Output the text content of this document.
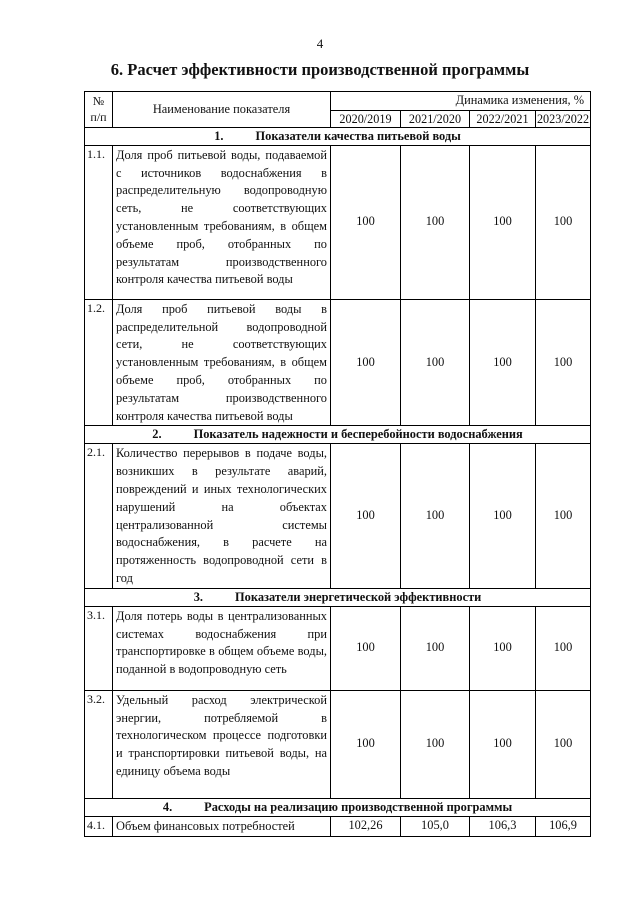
4
6. Расчет эффективности производственной программы
№
п/п	Наименование показателя	Динамика изменения, %			
		2020/2019	2021/2020	2022/2021	2023/2022
1. Показатели качества питьевой воды					
1.1.	Доля проб питьевой воды, подаваемой с источников водоснабжения в распределительную водопроводную сеть, не соответствующих установленным требованиям, в общем объеме проб, отобранных по результатам производственного контроля качества питьевой воды	100	100	100	100
1.2.	Доля проб питьевой воды в распределительной водопроводной сети, не соответствующих установленным требованиям, в общем объеме проб, отобранных по результатам производственного контроля качества питьевой воды	100	100	100	100
2. Показатель надежности и бесперебойности водоснабжения					
2.1.	Количество перерывов в подаче воды, возникших в результате аварий, повреждений и иных технологических нарушений на объектах централизованной системы водоснабжения, в расчете на протяженность водопроводной сети в год	100	100	100	100
3. Показатели энергетической эффективности					
3.1.	Доля потерь воды в централизованных системах водоснабжения при транспортировке в общем объеме воды, поданной в водопроводную сеть	100	100	100	100
3.2.	Удельный расход электрической энергии, потребляемой в технологическом процессе подготовки и транспортировки питьевой воды, на единицу объема воды	100	100	100	100
4. Расходы на реализацию производственной программы					
4.1.	Объем финансовых потребностей	102,26	105,0	106,3	106,9
